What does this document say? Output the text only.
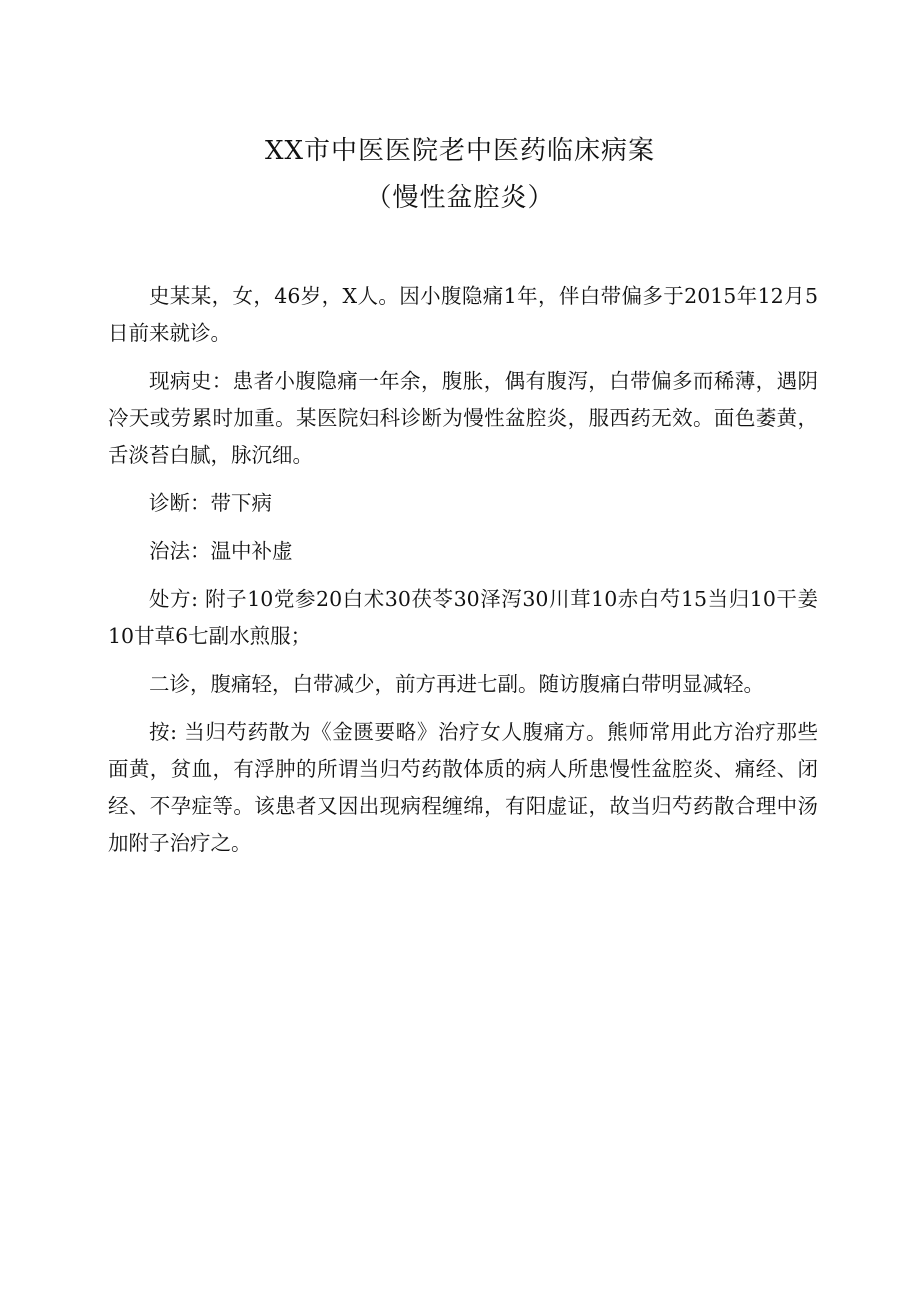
XX市中医医院老中医药临床病案
（慢性盆腔炎）

史某某，女，46岁，X人。因小腹隐痛1年，伴白带偏多于2015年12月5日前来就诊。

现病史：患者小腹隐痛一年余，腹胀，偶有腹泻，白带偏多而稀薄，遇阴冷天或劳累时加重。某医院妇科诊断为慢性盆腔炎，服西药无效。面色萎黄，舌淡苔白腻，脉沉细。

诊断：带下病

治法：温中补虚

处方: 附子10党参20白术30茯苓30泽泻30川茸10赤白芍15当归10干姜10甘草6七副水煎服；

二诊，腹痛轻，白带减少，前方再进七副。随访腹痛白带明显减轻。

按: 当归芍药散为《金匮要略》治疗女人腹痛方。熊师常用此方治疗那些面黄，贫血，有浮肿的所谓当归芍药散体质的病人所患慢性盆腔炎、痛经、闭经、不孕症等。该患者又因出现病程缠绵，有阳虚证，故当归芍药散合理中汤加附子治疗之。
